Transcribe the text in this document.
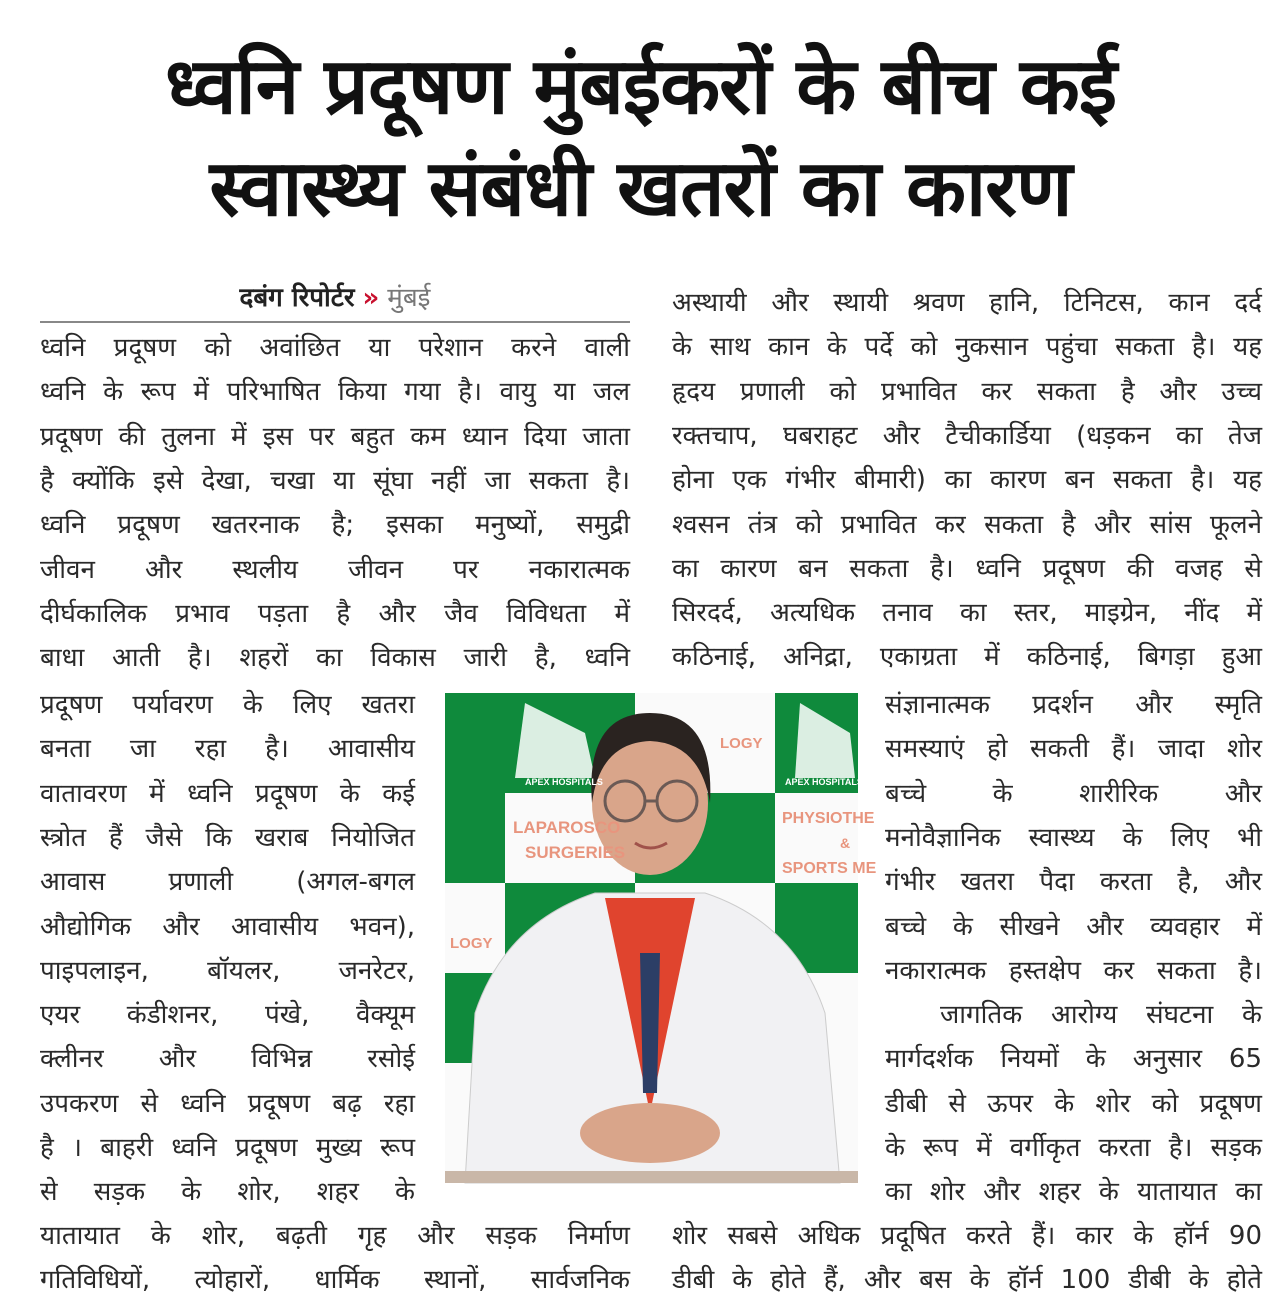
ध्वनि प्रदूषण मुंबईकरों के बीच कई
स्वास्थ्य संबंधी खतरों का कारण
दबंग रिपोर्टर » मुंबई
ध्वनि प्रदूषण को अवांछित या परेशान करने वाली
ध्वनि के रूप में परिभाषित किया गया है। वायु या जल
प्रदूषण की तुलना में इस पर बहुत कम ध्यान दिया जाता
है क्योंकि इसे देखा, चखा या सूंघा नहीं जा सकता है।
ध्वनि प्रदूषण खतरनाक है; इसका मनुष्यों, समुद्री
जीवन और स्थलीय जीवन पर नकारात्मक
दीर्घकालिक प्रभाव पड़ता है और जैव विविधता में
बाधा आती है। शहरों का विकास जारी है, ध्वनि
प्रदूषण पर्यावरण के लिए खतरा
बनता जा रहा है। आवासीय
वातावरण में ध्वनि प्रदूषण के कई
स्त्रोत हैं जैसे कि खराब नियोजित
आवास प्रणाली (अगल-बगल
औद्योगिक और आवासीय भवन),
पाइपलाइन, बॉयलर, जनरेटर,
एयर कंडीशनर, पंखे, वैक्यूम
क्लीनर और विभिन्न रसोई
उपकरण से ध्वनि प्रदूषण बढ़ रहा
है । बाहरी ध्वनि प्रदूषण मुख्य रूप
से सड़क के शोर, शहर के
यातायात के शोर, बढ़ती गृह और सड़क निर्माण
गतिविधियों, त्योहारों, धार्मिक स्थानों, सार्वजनिक
अस्थायी और स्थायी श्रवण हानि, टिनिटस, कान दर्द
के साथ कान के पर्दे को नुकसान पहुंचा सकता है। यह
हृदय प्रणाली को प्रभावित कर सकता है और उच्च
रक्तचाप, घबराहट और टैचीकार्डिया (धड़कन का तेज
होना एक गंभीर बीमारी) का कारण बन सकता है। यह
श्वसन तंत्र को प्रभावित कर सकता है और सांस फूलने
का कारण बन सकता है। ध्वनि प्रदूषण की वजह से
सिरदर्द, अत्यधिक तनाव का स्तर, माइग्रेन, नींद में
कठिनाई, अनिद्रा, एकाग्रता में कठिनाई, बिगड़ा हुआ
संज्ञानात्मक प्रदर्शन और स्मृति
समस्याएं हो सकती हैं। जादा शोर
बच्चे के शारीरिक और
मनोवैज्ञानिक स्वास्थ्य के लिए भी
गंभीर खतरा पैदा करता है, और
बच्चे के सीखने और व्यवहार में
नकारात्मक हस्तक्षेप कर सकता है।
जागतिक आरोग्य संघटना के
मार्गदर्शक नियमों के अनुसार 65
डीबी से ऊपर के शोर को प्रदूषण
के रूप में वर्गीकृत करता है। सड़क
का शोर और शहर के यातायात का
शोर सबसे अधिक प्रदूषित करते हैं। कार के हॉर्न 90
डीबी के होते हैं, और बस के हॉर्न 100 डीबी के होते
APEX HOSPITALS
LAPAROSCO
SURGERIES
PHYSIOTHE
&
SPORTS ME
LOGY
LOGY
APEX HOSPITALS
